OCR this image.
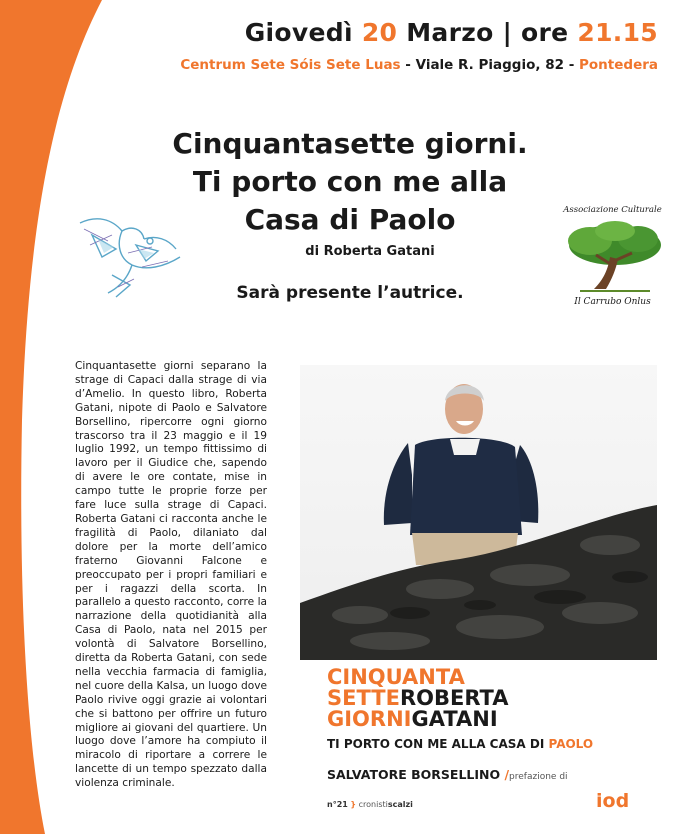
Giovedì 20 Marzo | ore 21.15
Centrum Sete Sóis Sete Luas - Viale R. Piaggio, 82 - Pontedera
Cinquantasette giorni.
Ti porto con me alla
Casa di Paolo
di Roberta Gatani
Sarà presente l’autrice.
Associazione Culturale
Il Carrubo Onlus
Cinquantasette giorni separano la strage di Capaci dalla strage di via d’Amelio. In questo libro, Roberta Gatani, nipote di Paolo e Salvatore Borsellino, ripercorre ogni giorno trascorso tra il 23 maggio e il 19 luglio 1992, un tempo fittissimo di lavoro per il Giudice che, sapendo di avere le ore contate, mise in campo tutte le proprie forze per fare luce sulla strage di Capaci. Roberta Gatani ci racconta anche le fragilità di Paolo, dilaniato dal dolore per la morte dell’amico fraterno Giovanni Falcone e preoccupato per i propri familiari e per i ragazzi della scorta. In parallelo a questo racconto, corre la narrazione della quotidianità alla Casa di Paolo, nata nel 2015 per volontà di Salvatore Borsellino, diretta da Roberta Gatani, con sede nella vecchia farmacia di famiglia, nel cuore della Kalsa, un luogo dove Paolo rivive oggi grazie ai volontari che si battono per offrire un futuro migliore ai giovani del quartiere. Un luogo dove l’amore ha compiuto il miracolo di riportare a correre le lancette di un tempo spezzato dalla violenza criminale.
CINQUANTA
SETTEROBERTA
GIORNIGATANI
TI PORTO CON ME ALLA CASA DI PAOLO
SALVATORE BORSELLINO /prefazione di
n°21 } cronistiscalzi	iod
